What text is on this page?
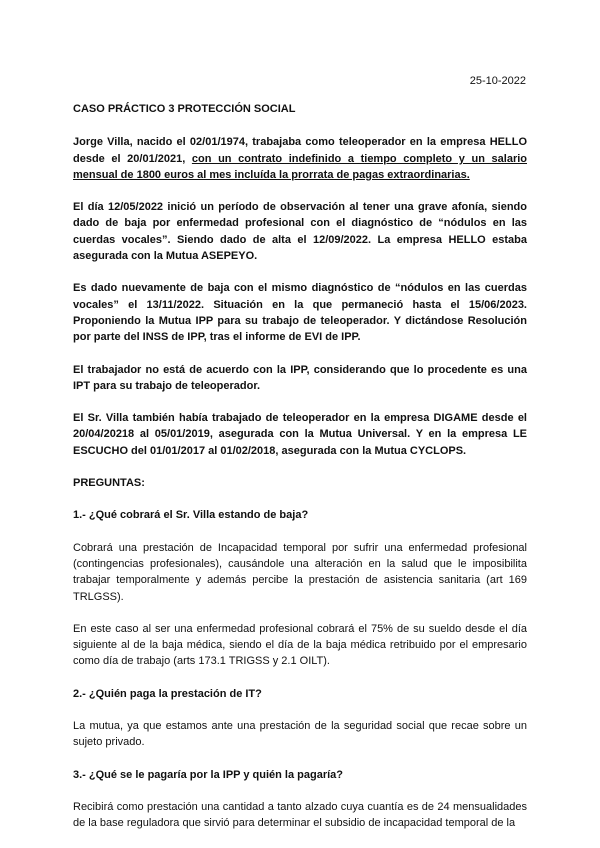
25-10-2022

CASO PRÁCTICO 3 PROTECCIÓN SOCIAL

Jorge Villa, nacido el 02/01/1974, trabajaba como teleoperador en la empresa HELLO desde el 20/01/2021, con un contrato indefinido a tiempo completo y un salario mensual de 1800 euros al mes incluída la prorrata de pagas extraordinarias.

El día 12/05/2022 inició un período de observación al tener una grave afonía, siendo dado de baja por enfermedad profesional con el diagnóstico de “nódulos en las cuerdas vocales”. Siendo dado de alta el 12/09/2022. La empresa HELLO estaba asegurada con la Mutua ASEPEYO.

Es dado nuevamente de baja con el mismo diagnóstico de “nódulos en las cuerdas vocales” el 13/11/2022. Situación en la que permaneció hasta el 15/06/2023. Proponiendo la Mutua IPP para su trabajo de teleoperador. Y dictándose Resolución por parte del INSS de IPP, tras el informe de EVI de IPP.

El trabajador no está de acuerdo con la IPP, considerando que lo procedente es una IPT para su trabajo de teleoperador.

El Sr. Villa también había trabajado de teleoperador en la empresa DIGAME desde el 20/04/20218 al 05/01/2019, asegurada con la Mutua Universal. Y en la empresa LE ESCUCHO del 01/01/2017 al 01/02/2018, asegurada con la Mutua CYCLOPS.

PREGUNTAS:

1.- ¿Qué cobrará el Sr. Villa estando de baja?

Cobrará una prestación de Incapacidad temporal por sufrir una enfermedad profesional (contingencias profesionales), causándole una alteración en la salud que le imposibilita trabajar temporalmente y además percibe la prestación de asistencia sanitaria (art 169 TRLGSS).

En este caso al ser una enfermedad profesional cobrará el 75% de su sueldo desde el día siguiente al de la baja médica, siendo el día de la baja médica retribuido por el empresario como día de trabajo (arts 173.1 TRIGSS y 2.1 OILT).

2.- ¿Quién paga la prestación de IT?

La mutua, ya que estamos ante una prestación de la seguridad social que recae sobre un sujeto privado.

3.- ¿Qué se le pagaría por la IPP y quién la pagaría?

Recibirá como prestación una cantidad a tanto alzado cuya cuantía es de 24 mensualidades de la base reguladora que sirvió para determinar el subsidio de incapacidad temporal de la
